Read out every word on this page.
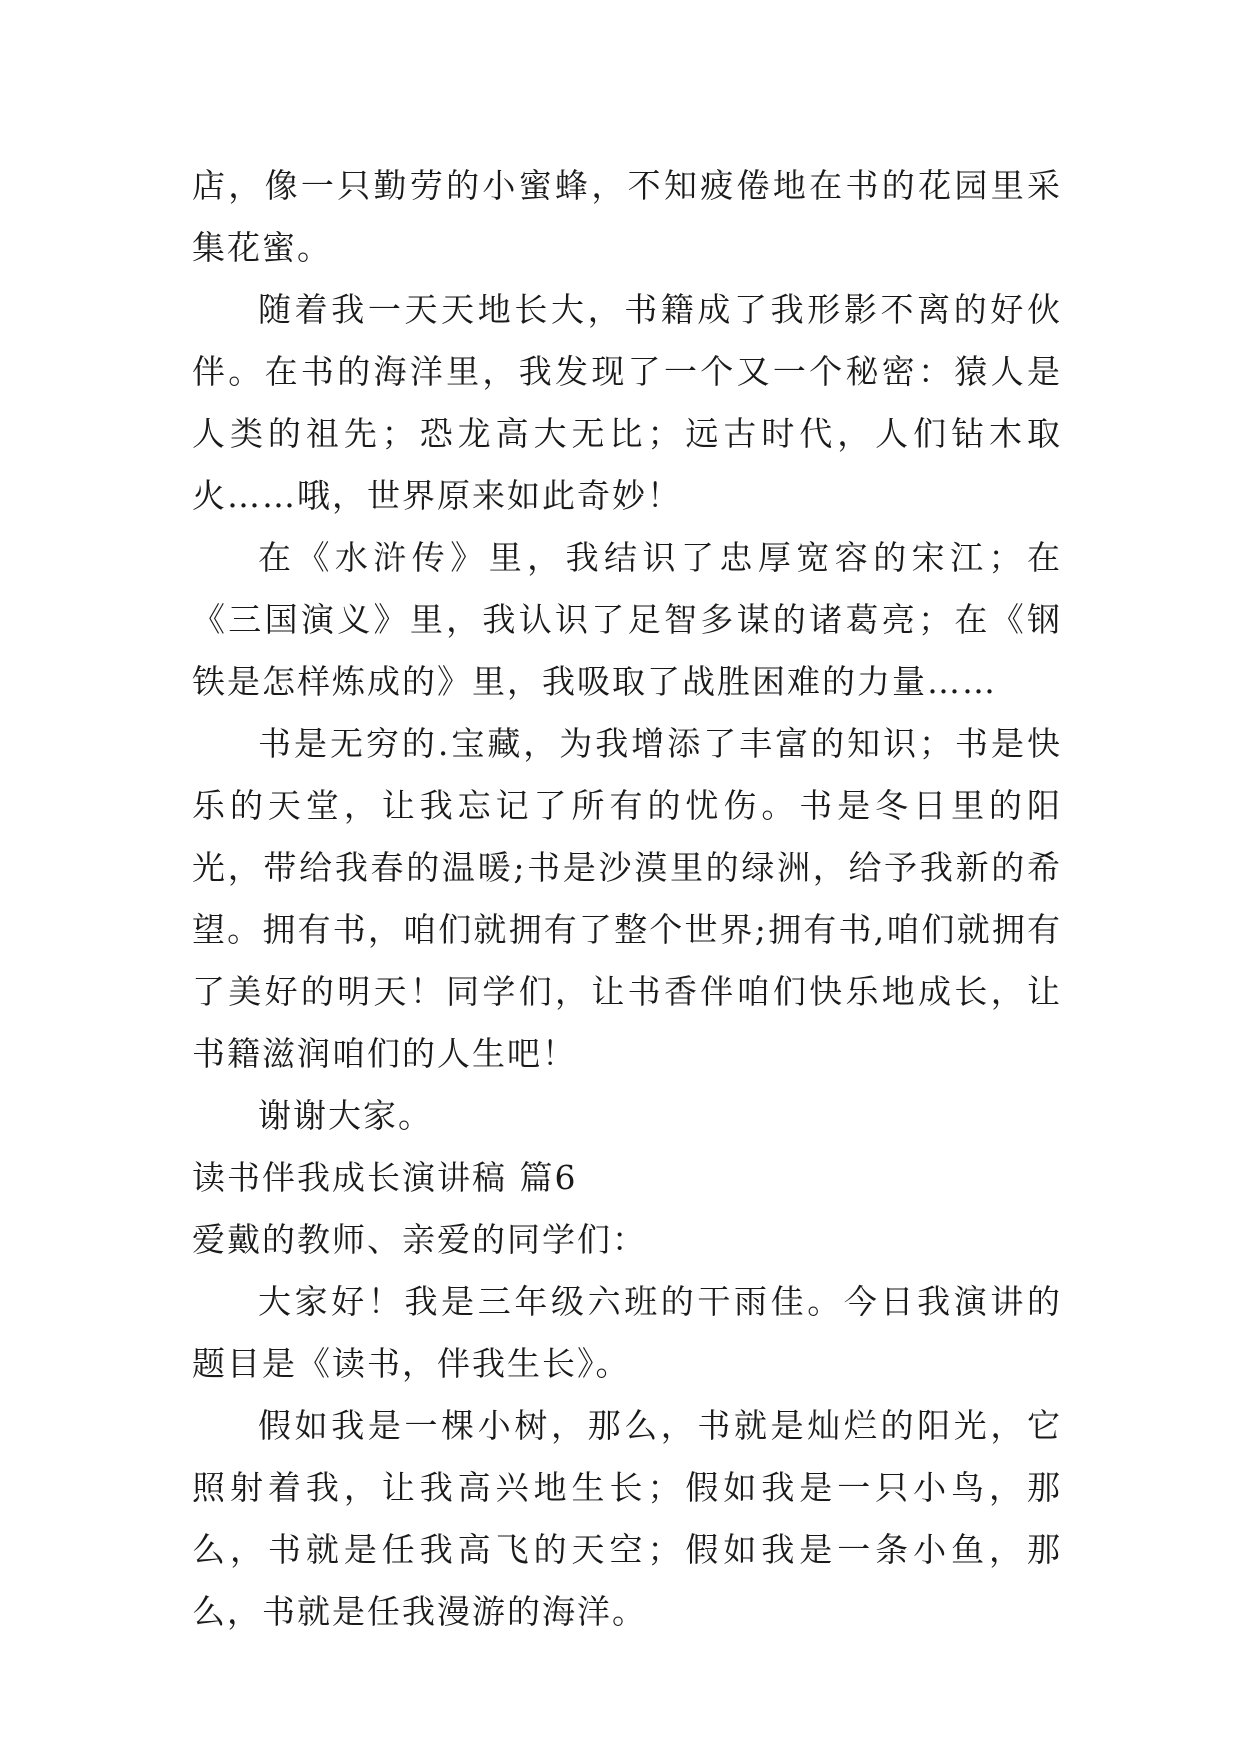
店，像一只勤劳的小蜜蜂，不知疲倦地在书的花园里采集花蜜。

随着我一天天地长大，书籍成了我形影不离的好伙伴。在书的海洋里，我发现了一个又一个秘密：猿人是人类的祖先；恐龙高大无比；远古时代，人们钻木取火……哦，世界原来如此奇妙！

在《水浒传》里，我结识了忠厚宽容的宋江；在《三国演义》里，我认识了足智多谋的诸葛亮；在《钢铁是怎样炼成的》里，我吸取了战胜困难的力量……

书是无穷的.宝藏，为我增添了丰富的知识；书是快乐的天堂，让我忘记了所有的忧伤。书是冬日里的阳光，带给我春的温暖;书是沙漠里的绿洲，给予我新的希望。拥有书，咱们就拥有了整个世界;拥有书,咱们就拥有了美好的明天！同学们，让书香伴咱们快乐地成长，让书籍滋润咱们的人生吧！

谢谢大家。

读书伴我成长演讲稿 篇6

爱戴的教师、亲爱的同学们：

大家好！我是三年级六班的干雨佳。今日我演讲的题目是《读书，伴我生长》。

假如我是一棵小树，那么，书就是灿烂的阳光，它照射着我，让我高兴地生长；假如我是一只小鸟，那么，书就是任我高飞的天空；假如我是一条小鱼，那么，书就是任我漫游的海洋。
